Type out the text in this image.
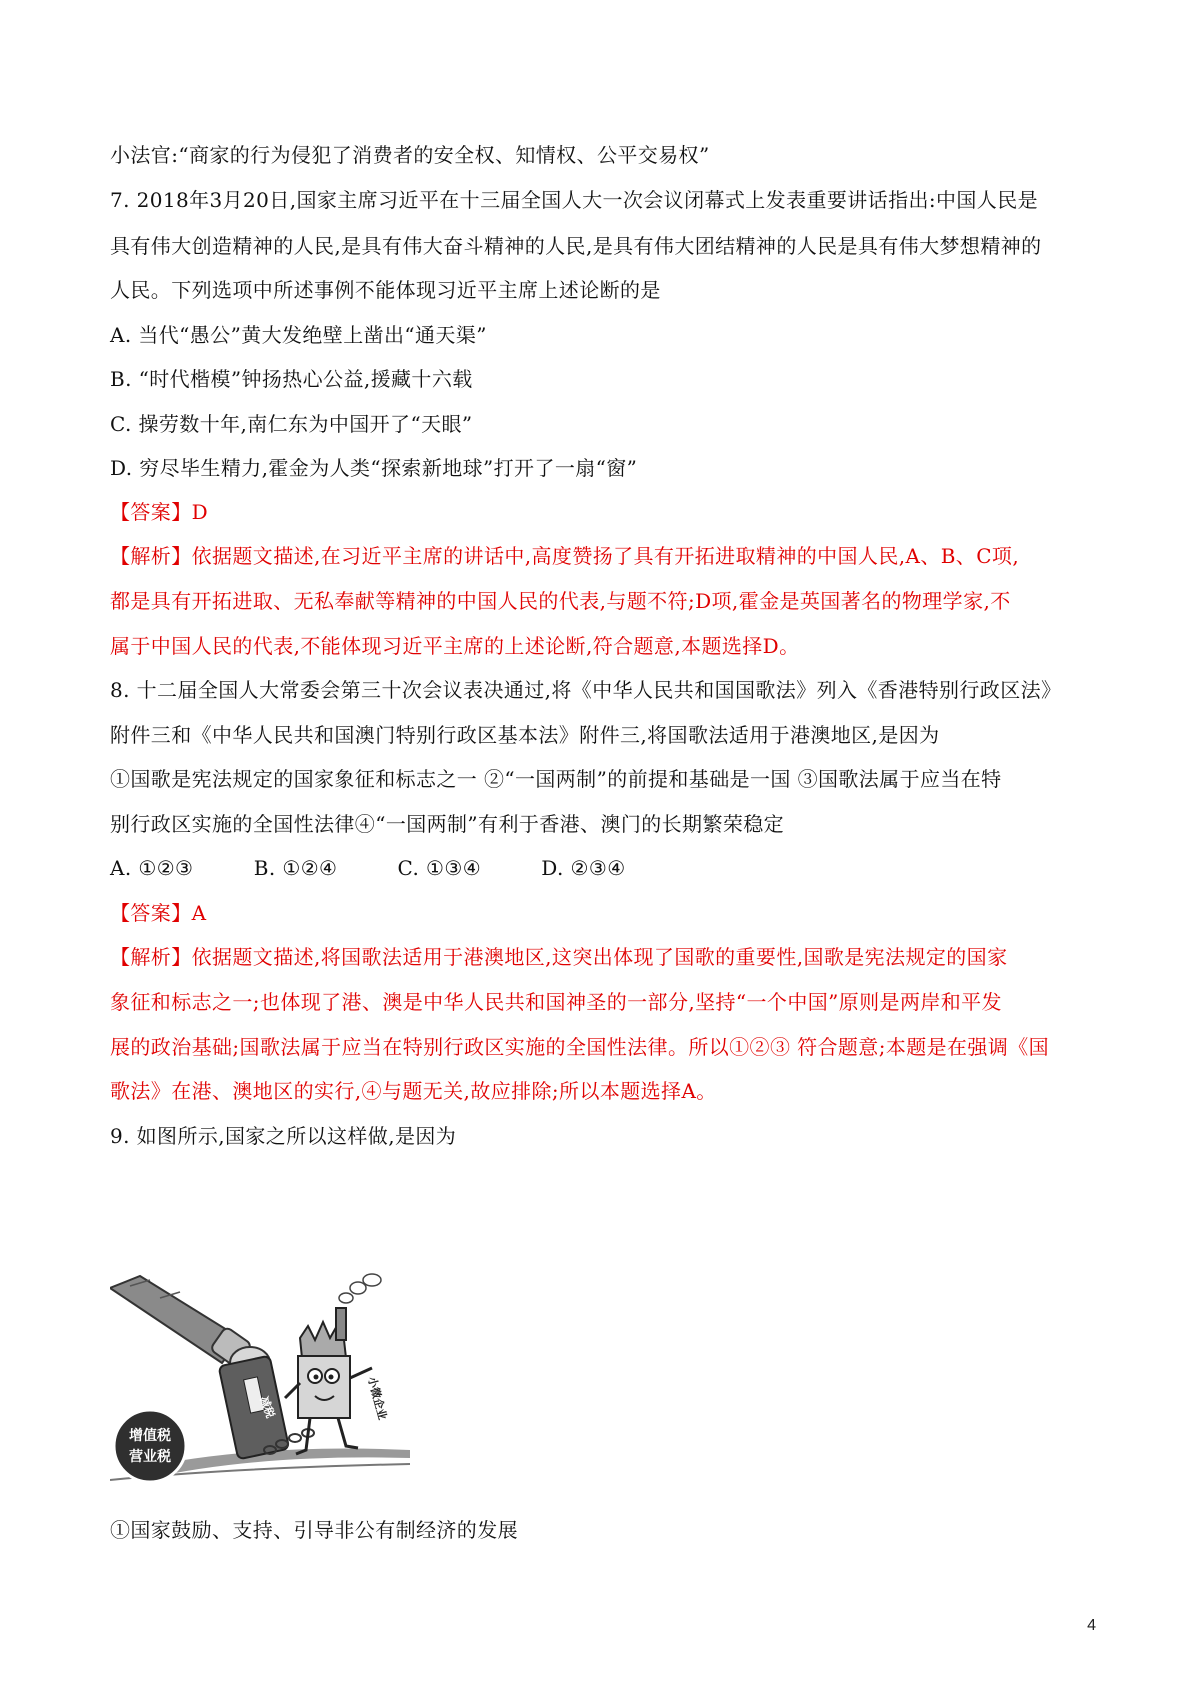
小法官:“商家的行为侵犯了消费者的安全权、知情权、公平交易权”
7. 2018年3月20日,国家主席习近平在十三届全国人大一次会议闭幕式上发表重要讲话指出:中国人民是
具有伟大创造精神的人民,是具有伟大奋斗精神的人民,是具有伟大团结精神的人民是具有伟大梦想精神的
人民。下列选项中所述事例不能体现习近平主席上述论断的是
A. 当代“愚公”黄大发绝壁上凿出“通天渠”
B. “时代楷模”钟扬热心公益,援藏十六载
C. 操劳数十年,南仁东为中国开了“天眼”
D. 穷尽毕生精力,霍金为人类“探索新地球”打开了一扇“窗”
【答案】D
【解析】依据题文描述,在习近平主席的讲话中,高度赞扬了具有开拓进取精神的中国人民,A、B、C项,
都是具有开拓进取、无私奉献等精神的中国人民的代表,与题不符;D项,霍金是英国著名的物理学家,不
属于中国人民的代表,不能体现习近平主席的上述论断,符合题意,本题选择D。
8. 十二届全国人大常委会第三十次会议表决通过,将《中华人民共和国国歌法》列入《香港特别行政区法》
附件三和《中华人民共和国澳门特别行政区基本法》附件三,将国歌法适用于港澳地区,是因为
①国歌是宪法规定的国家象征和标志之一 ②“一国两制”的前提和基础是一国 ③国歌法属于应当在特
别行政区实施的全国性法律④“一国两制”有利于香港、澳门的长期繁荣稳定
A. ①②③	B. ①②④	C. ①③④	D. ②③④
【答案】A
【解析】依据题文描述,将国歌法适用于港澳地区,这突出体现了国歌的重要性,国歌是宪法规定的国家
象征和标志之一;也体现了港、澳是中华人民共和国神圣的一部分,坚持“一个中国”原则是两岸和平发
展的政治基础;国歌法属于应当在特别行政区实施的全国性法律。所以①②③ 符合题意;本题是在强调《国
歌法》在港、澳地区的实行,④与题无关,故应排除;所以本题选择A。
9. 如图所示,国家之所以这样做,是因为
减税	小微企业
增值税
营业税
①国家鼓励、支持、引导非公有制经济的发展
4
